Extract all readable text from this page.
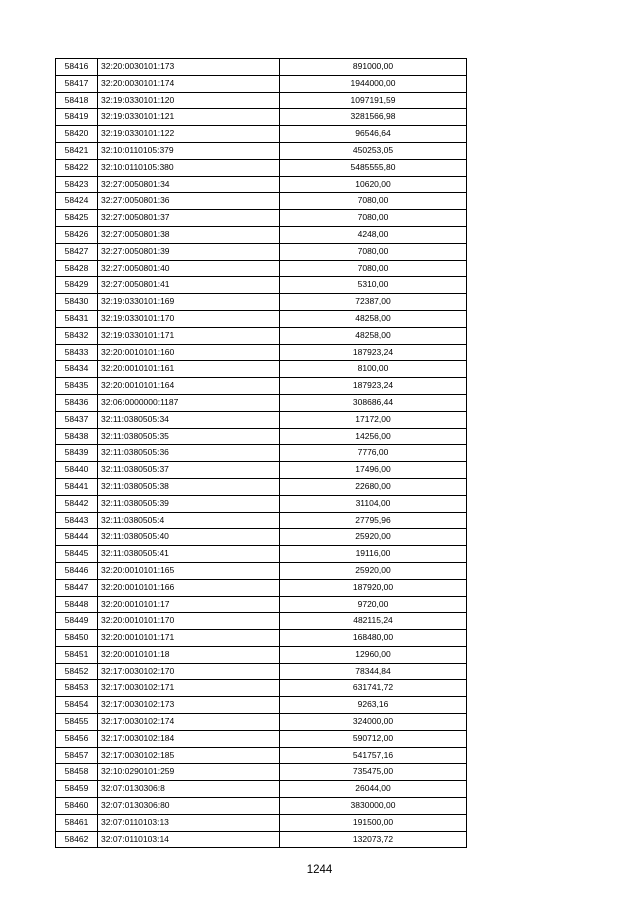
58416	32:20:0030101:173	891000,00
58417	32:20:0030101:174	1944000,00
58418	32:19:0330101:120	1097191,59
58419	32:19:0330101:121	3281566,98
58420	32:19:0330101:122	96546,64
58421	32:10:0110105:379	450253,05
58422	32:10:0110105:380	5485555,80
58423	32:27:0050801:34	10620,00
58424	32:27:0050801:36	7080,00
58425	32:27:0050801:37	7080,00
58426	32:27:0050801:38	4248,00
58427	32:27:0050801:39	7080,00
58428	32:27:0050801:40	7080,00
58429	32:27:0050801:41	5310,00
58430	32:19:0330101:169	72387,00
58431	32:19:0330101:170	48258,00
58432	32:19:0330101:171	48258,00
58433	32:20:0010101:160	187923,24
58434	32:20:0010101:161	8100,00
58435	32:20:0010101:164	187923,24
58436	32:06:0000000:1187	308686,44
58437	32:11:0380505:34	17172,00
58438	32:11:0380505:35	14256,00
58439	32:11:0380505:36	7776,00
58440	32:11:0380505:37	17496,00
58441	32:11:0380505:38	22680,00
58442	32:11:0380505:39	31104,00
58443	32:11:0380505:4	27795,96
58444	32:11:0380505:40	25920,00
58445	32:11:0380505:41	19116,00
58446	32:20:0010101:165	25920,00
58447	32:20:0010101:166	187920,00
58448	32:20:0010101:17	9720,00
58449	32:20:0010101:170	482115,24
58450	32:20:0010101:171	168480,00
58451	32:20:0010101:18	12960,00
58452	32:17:0030102:170	78344,84
58453	32:17:0030102:171	631741,72
58454	32:17:0030102:173	9263,16
58455	32:17:0030102:174	324000,00
58456	32:17:0030102:184	590712,00
58457	32:17:0030102:185	541757,16
58458	32:10:0290101:259	735475,00
58459	32:07:0130306:8	26044,00
58460	32:07:0130306:80	3830000,00
58461	32:07:0110103:13	191500,00
58462	32:07:0110103:14	132073,72
1244
